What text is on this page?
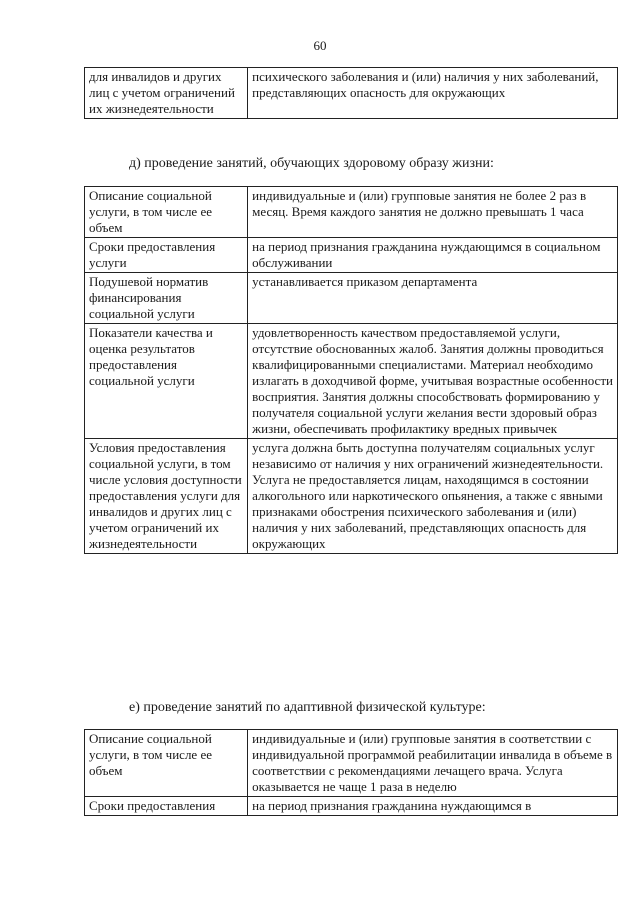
60
для инвалидов и других лиц с учетом ограничений их жизнедеятельности	психического заболевания и (или) наличия у них заболеваний, представляющих опасность для окружающих
д) проведение занятий, обучающих здоровому образу жизни:
Описание социальной услуги, в том числе ее объем	индивидуальные и (или) групповые занятия не более 2 раз в месяц. Время каждого занятия не должно превышать 1 часа
Сроки предоставления услуги	на период признания гражданина нуждающимся в социальном обслуживании
Подушевой норматив финансирования социальной услуги	устанавливается приказом департамента
Показатели качества и оценка результатов предоставления социальной услуги	удовлетворенность качеством предоставляемой услуги, отсутствие обоснованных жалоб. Занятия должны проводиться квалифицированными специалистами. Материал необходимо излагать в доходчивой форме, учитывая возрастные особенности восприятия. Занятия должны способствовать формированию у получателя социальной услуги желания вести здоровый образ жизни, обеспечивать профилактику вредных привычек
Условия предоставления социальной услуги, в том числе условия доступности предоставления услуги для инвалидов и других лиц с учетом ограничений их жизнедеятельности	услуга должна быть доступна получателям социальных услуг независимо от наличия у них ограничений жизнедеятельности. Услуга не предоставляется лицам, находящимся в состоянии алкогольного или наркотического опьянения, а также с явными признаками обострения психического заболевания и (или) наличия у них заболеваний, представляющих опасность для окружающих
е) проведение занятий по адаптивной физической культуре:
Описание социальной услуги, в том числе ее объем	индивидуальные и (или) групповые занятия в соответствии с индивидуальной программой реабилитации инвалида в объеме в соответствии с рекомендациями лечащего врача. Услуга оказывается не чаще 1 раза в неделю
Сроки предоставления	на период признания гражданина нуждающимся в
